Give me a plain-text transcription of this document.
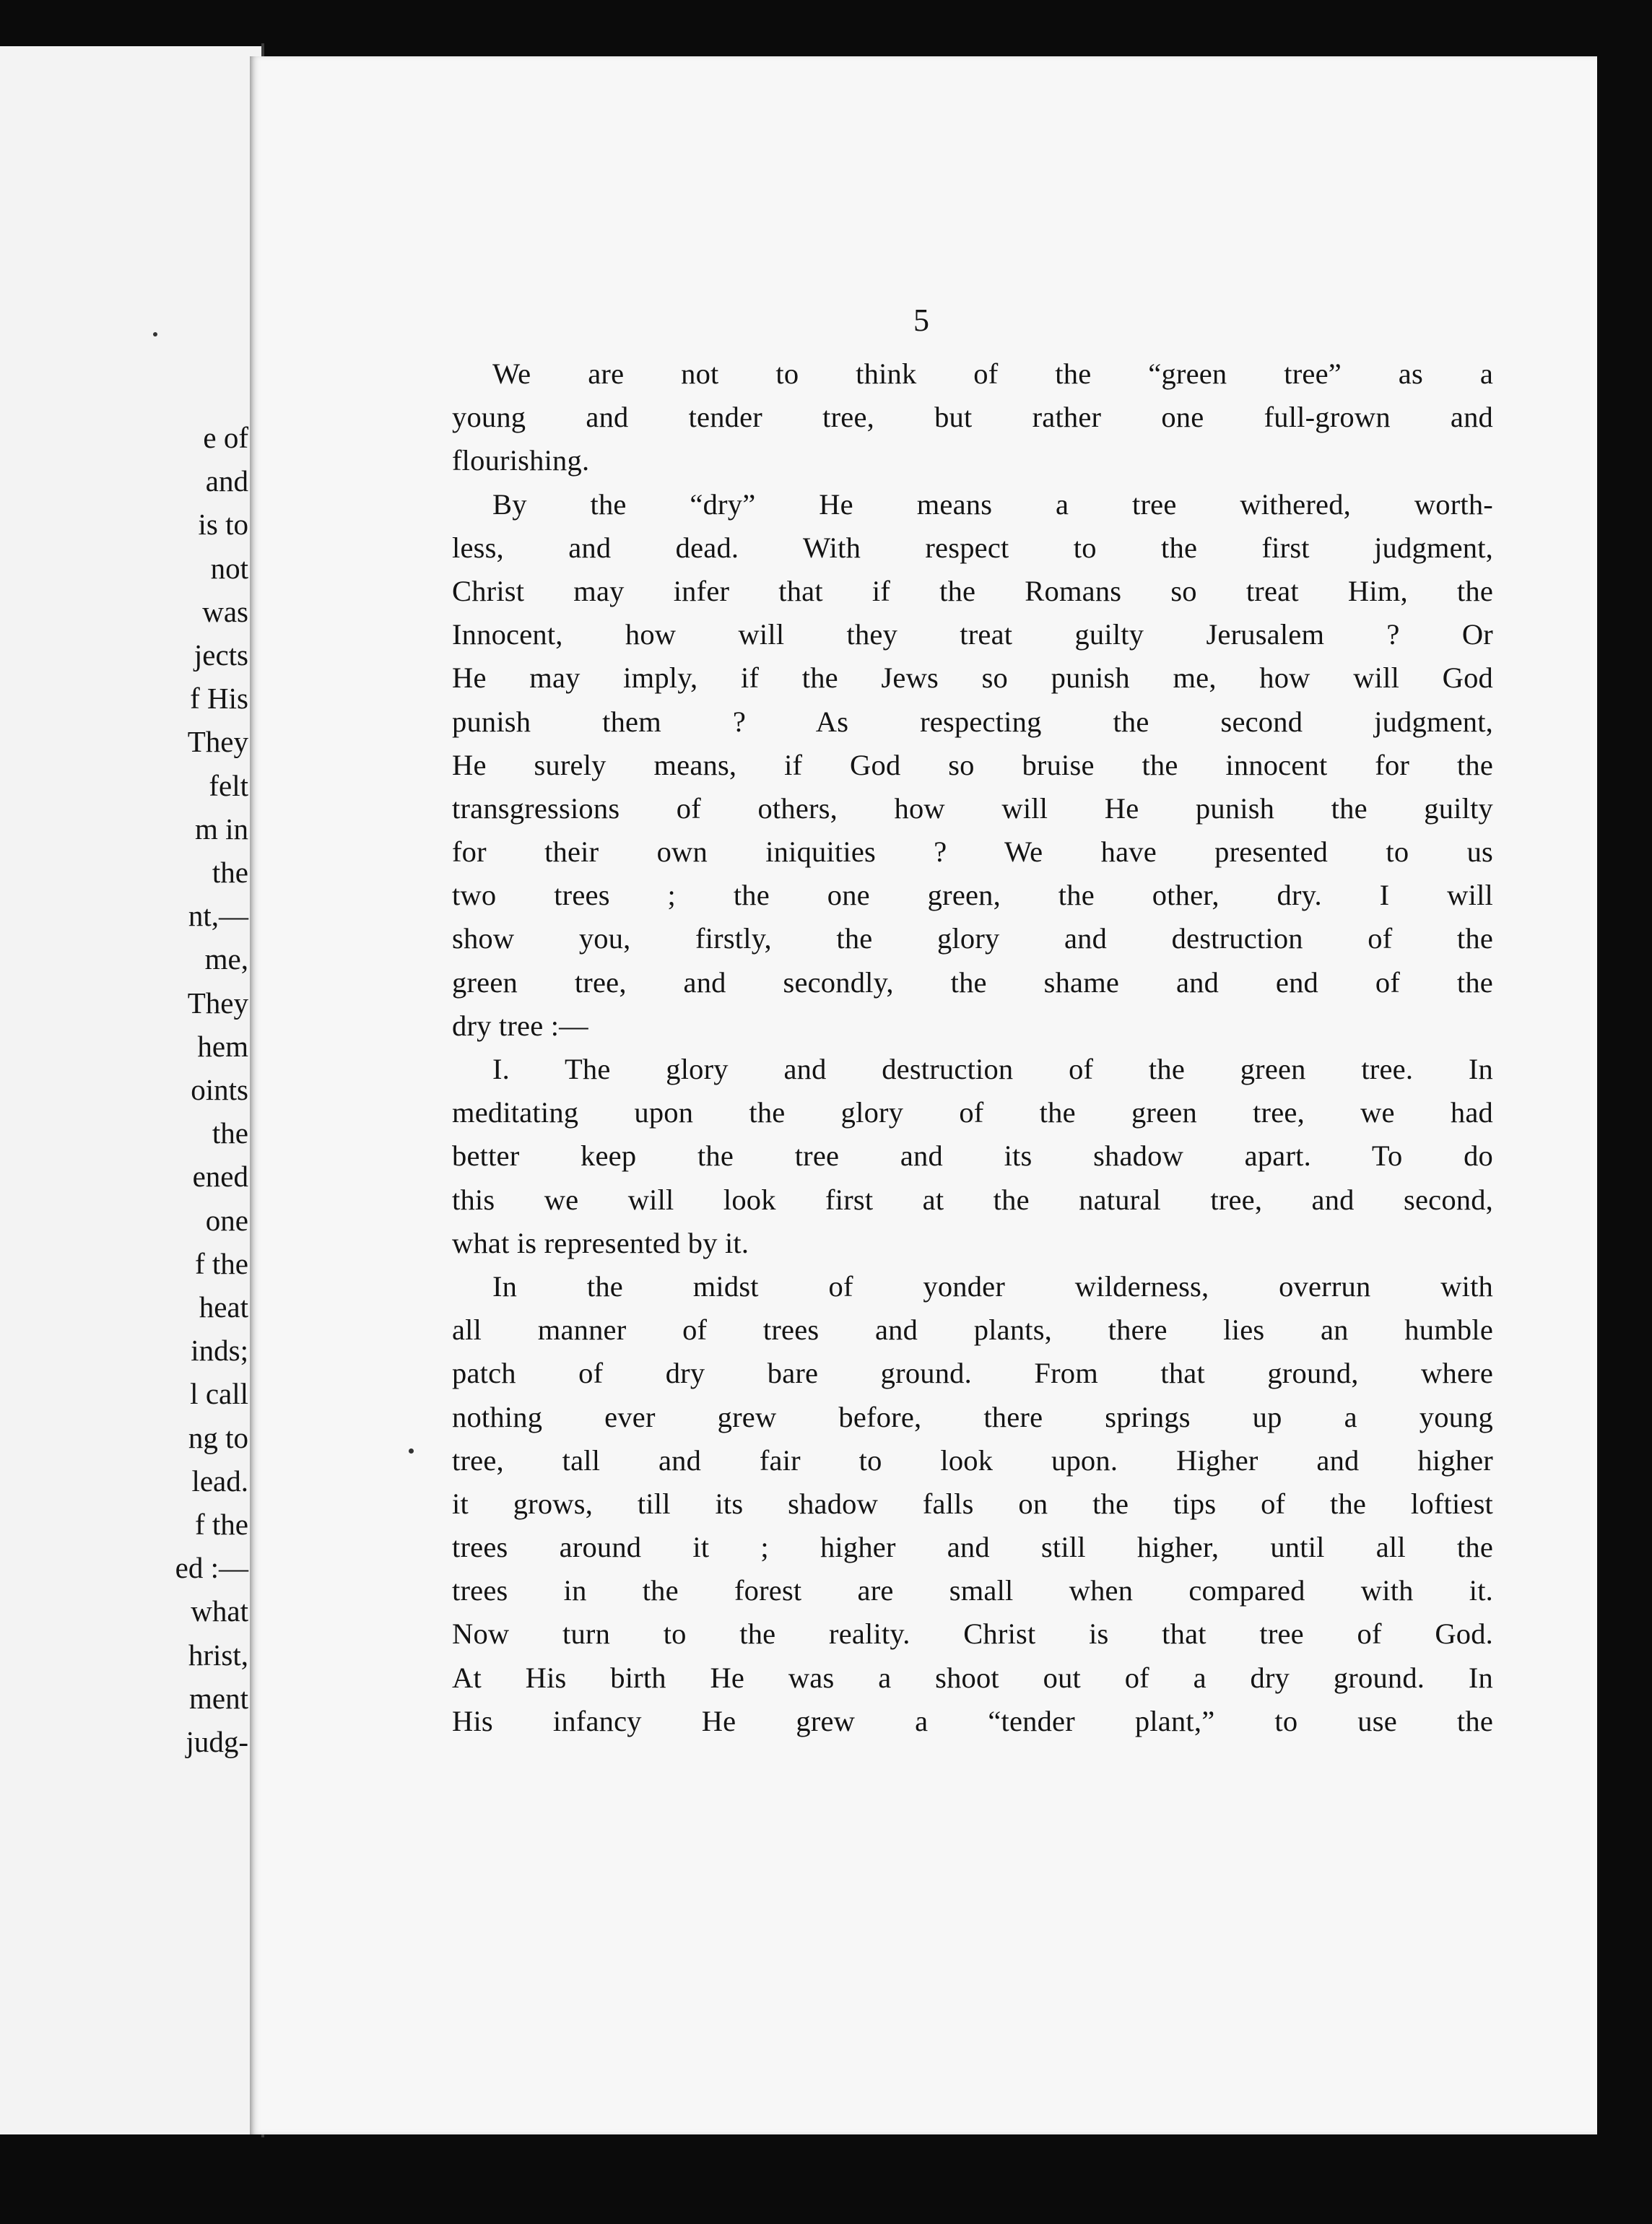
e of
and
is to
not
was
jects
f His
They
felt
m in
the
nt,—
me,
They
hem
oints
the
ened
one
f the
heat
inds;
l call
ng to
lead.
f the
ed :—
what
hrist,
ment
judg-
5
We are not to think of the “green tree” as a
young and tender tree, but rather one full-grown and
flourishing.
By the “dry” He means a tree withered, worth-
less, and dead. With respect to the first judgment,
Christ may infer that if the Romans so treat Him, the
Innocent, how will they treat guilty Jerusalem ? Or
He may imply, if the Jews so punish me, how will God
punish them ? As respecting the second judgment,
He surely means, if God so bruise the innocent for the
transgressions of others, how will He punish the guilty
for their own iniquities ? We have presented to us
two trees ; the one green, the other, dry. I will
show you, firstly, the glory and destruction of the
green tree, and secondly, the shame and end of the
dry tree :—
I. The glory and destruction of the green tree. In
meditating upon the glory of the green tree, we had
better keep the tree and its shadow apart. To do
this we will look first at the natural tree, and second,
what is represented by it.
In the midst of yonder wilderness, overrun with
all manner of trees and plants, there lies an humble
patch of dry bare ground. From that ground, where
nothing ever grew before, there springs up a young
tree, tall and fair to look upon. Higher and higher
it grows, till its shadow falls on the tips of the loftiest
trees around it ; higher and still higher, until all the
trees in the forest are small when compared with it.
Now turn to the reality. Christ is that tree of God.
At His birth He was a shoot out of a dry ground. In
His infancy He grew a “tender plant,” to use the
